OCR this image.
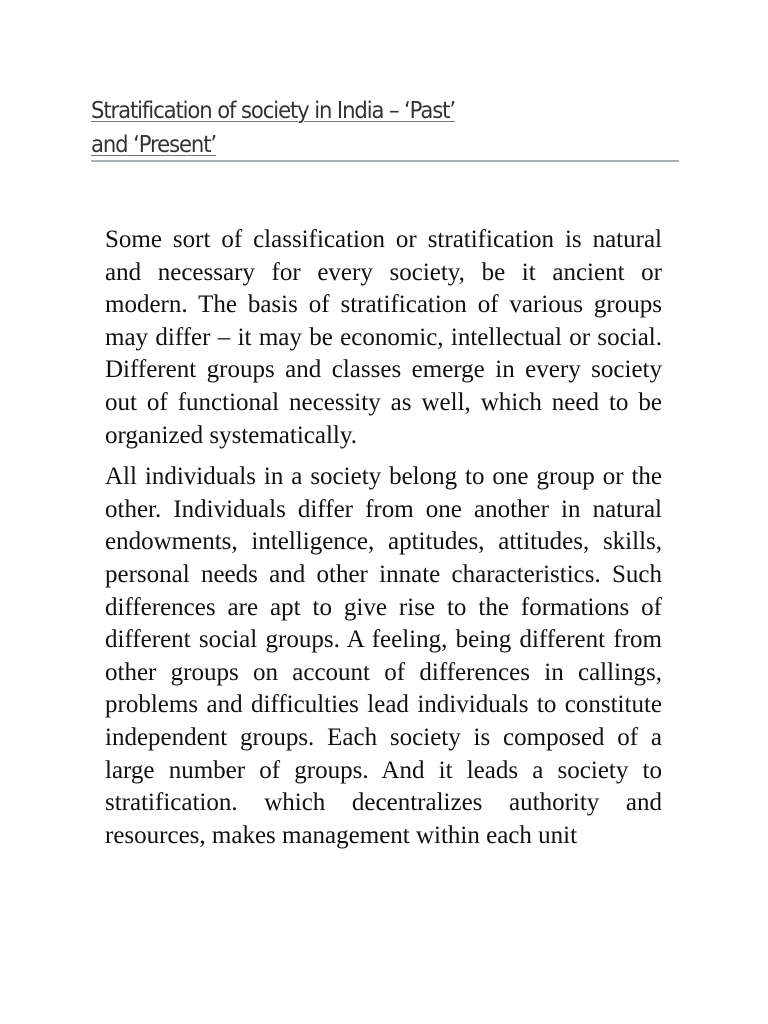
Stratification of society in India – ‘Past’
and ‘Present’

Some sort of classification or stratification is natural and necessary for every society, be it ancient or modern. The basis of stratification of various groups may differ – it may be economic, intellectual or social. Different groups and classes emerge in every society out of functional necessity as well, which need to be organized systematically.

All individuals in a society belong to one group or the other. Individuals differ from one another in natural endowments, intelligence, aptitudes, attitudes, skills, personal needs and other innate characteristics. Such differences are apt to give rise to the formations of different social groups. A feeling, being different from other groups on account of differences in callings, problems and difficulties lead individuals to constitute independent groups. Each society is composed of a large number of groups. And it leads a society to stratification. which decentralizes authority and resources, makes management within each unit
